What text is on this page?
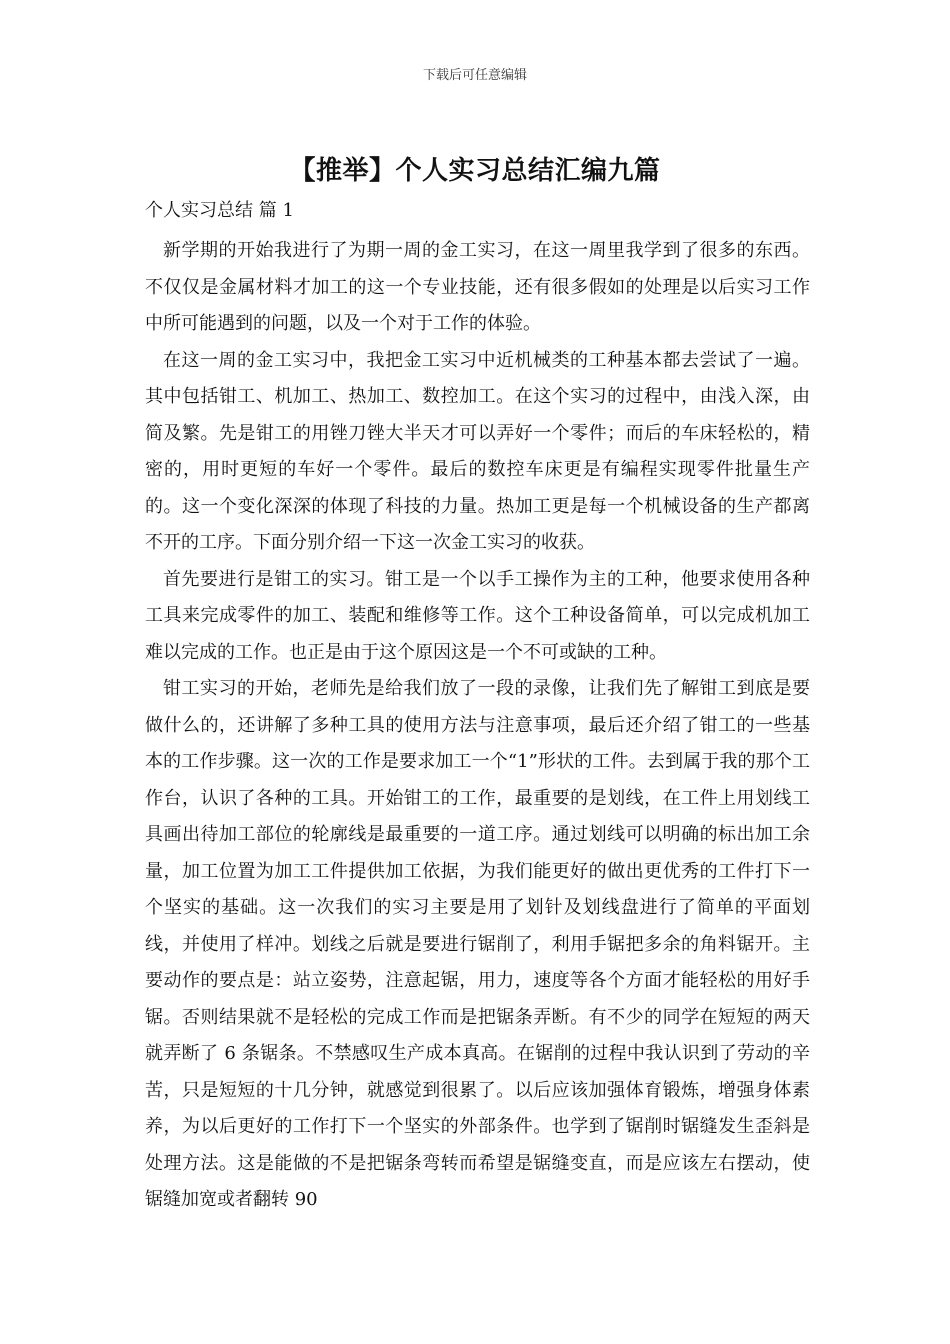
下载后可任意编辑
【推举】个人实习总结汇编九篇
个人实习总结 篇 1

新学期的开始我进行了为期一周的金工实习，在这一周里我学到了很多的东西。不仅仅是金属材料才加工的这一个专业技能，还有很多假如的处理是以后实习工作中所可能遇到的问题，以及一个对于工作的体验。

在这一周的金工实习中，我把金工实习中近机械类的工种基本都去尝试了一遍。其中包括钳工、机加工、热加工、数控加工。在这个实习的过程中，由浅入深，由简及繁。先是钳工的用锉刀锉大半天才可以弄好一个零件；而后的车床轻松的，精密的，用时更短的车好一个零件。最后的数控车床更是有编程实现零件批量生产的。这一个变化深深的体现了科技的力量。热加工更是每一个机械设备的生产都离不开的工序。下面分别介绍一下这一次金工实习的收获。

首先要进行是钳工的实习。钳工是一个以手工操作为主的工种，他要求使用各种工具来完成零件的加工、装配和维修等工作。这个工种设备简单，可以完成机加工难以完成的工作。也正是由于这个原因这是一个不可或缺的工种。

钳工实习的开始，老师先是给我们放了一段的录像，让我们先了解钳工到底是要做什么的，还讲解了多种工具的使用方法与注意事项，最后还介绍了钳工的一些基本的工作步骤。这一次的工作是要求加工一个“1”形状的工件。去到属于我的那个工作台，认识了各种的工具。开始钳工的工作，最重要的是划线，在工件上用划线工具画出待加工部位的轮廓线是最重要的一道工序。通过划线可以明确的标出加工余量，加工位置为加工工件提供加工依据，为我们能更好的做出更优秀的工件打下一个坚实的基础。这一次我们的实习主要是用了划针及划线盘进行了简单的平面划线，并使用了样冲。划线之后就是要进行锯削了，利用手锯把多余的角料锯开。主要动作的要点是：站立姿势，注意起锯，用力，速度等各个方面才能轻松的用好手锯。否则结果就不是轻松的完成工作而是把锯条弄断。有不少的同学在短短的两天就弄断了 6 条锯条。不禁感叹生产成本真高。在锯削的过程中我认识到了劳动的辛苦，只是短短的十几分钟，就感觉到很累了。以后应该加强体育锻炼，增强身体素养，为以后更好的工作打下一个坚实的外部条件。也学到了锯削时锯缝发生歪斜是处理方法。这是能做的不是把锯条弯转而希望是锯缝变直，而是应该左右摆动，使锯缝加宽或者翻转 90
